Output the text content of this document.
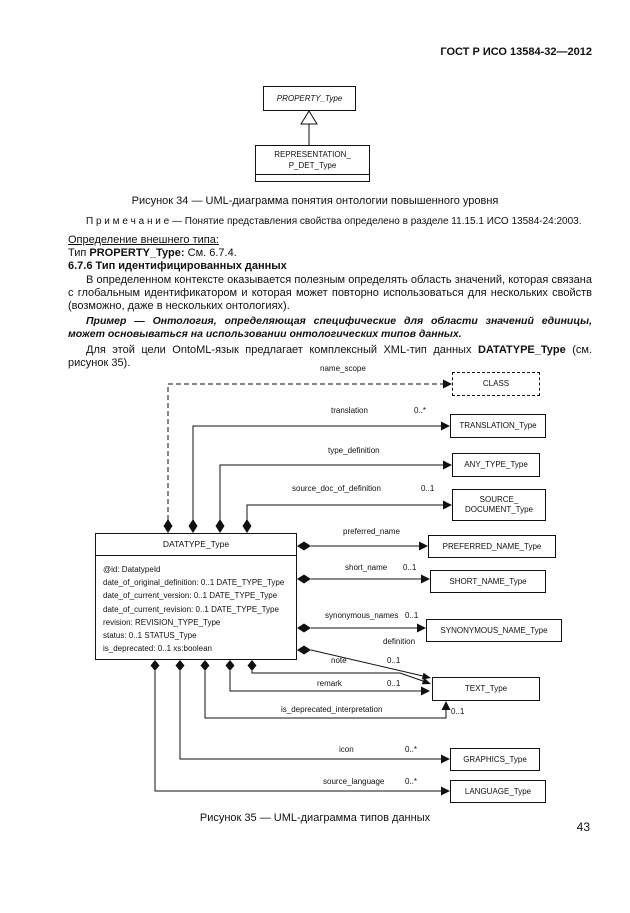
ГОСТ Р ИСО 13584-32—2012
PROPERTY_Type
REPRESENTATION_
P_DET_Type
Рисунок 34 — UML-диаграмма понятия онтологии повышенного уровня
П р и м е ч а н и е — Понятие представления свойства определено в разделе 11.15.1 ИСО 13584-24:2003.
Определение внешнего типа:
Тип PROPERTY_Type: См. 6.7.4.
6.7.6 Тип идентифицированных данных
В определенном контексте оказывается полезным определять область значений, которая связана с глобальным идентификатором и которая может повторно использоваться для нескольких свойств (возможно, даже в нескольких онтологиях).
Пример — Онтология, определяющая специфические для области значений единицы, может основываться на использовании онтологических типов данных.
Для этой цели OntoML-язык предлагает комплексный XML-тип данных DATATYPE_Type (см. рисунок 35).
DATATYPE_Type
@id: DatatypeId
date_of_original_definition: 0..1 DATE_TYPE_Type
date_of_current_version: 0..1 DATE_TYPE_Type
date_of_current_revision: 0..1 DATE_TYPE_Type
revision: REVISION_TYPE_Type
status: 0..1 STATUS_Type
is_deprecated: 0..1 xs:boolean
CLASS
TRANSLATION_Type
ANY_TYPE_Type
SOURCE_
DOCUMENT_Type
PREFERRED_NAME_Type
SHORT_NAME_Type
SYNONYMOUS_NAME_Type
TEXT_Type
GRAPHICS_Type
LANGUAGE_Type
name_scope
translation	0..*
type_definition
source_doc_of_definition	0..1
preferred_name
short_name 0..1
synonymous_names 0..1
definition
note	0..1
remark	0..1
is_deprecated_interpretation	0..1
icon	0..*
source_language	0..*
Рисунок 35 — UML-диаграмма типов данных
43
